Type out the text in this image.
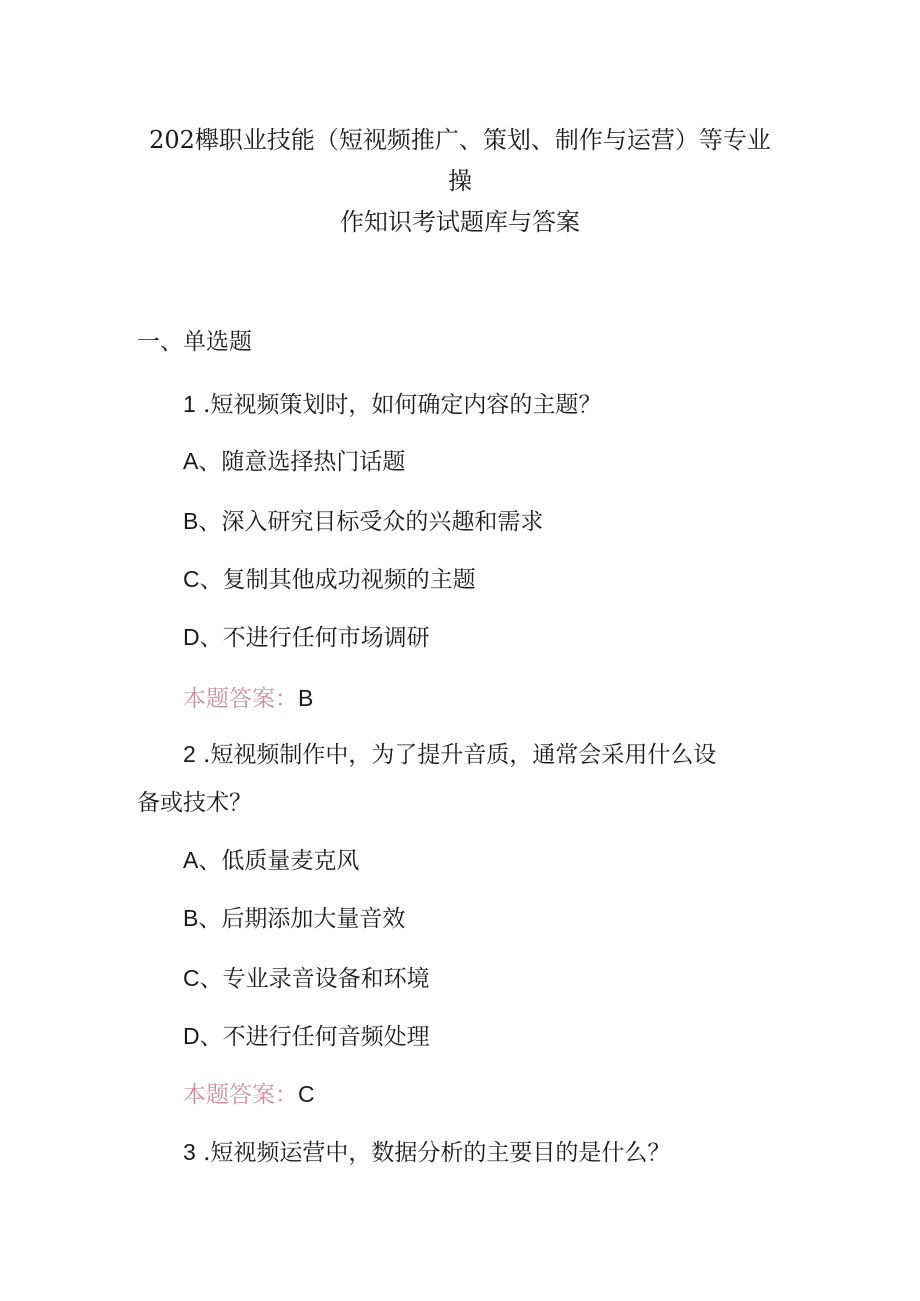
202櫸职业技能（短视频推广、策划、制作与运营）等专业
操
作知识考试题库与答案
一、单选题
1 .短视频策划时，如何确定内容的主题？
A、随意选择热门话题
B、深入研究目标受众的兴趣和需求
C、复制其他成功视频的主题
D、不进行任何市场调研
本题答案：B
2 .短视频制作中，为了提升音质，通常会采用什么设
备或技术？
A、低质量麦克风
B、后期添加大量音效
C、专业录音设备和环境
D、不进行任何音频处理
本题答案：C
3 .短视频运营中，数据分析的主要目的是什么？
